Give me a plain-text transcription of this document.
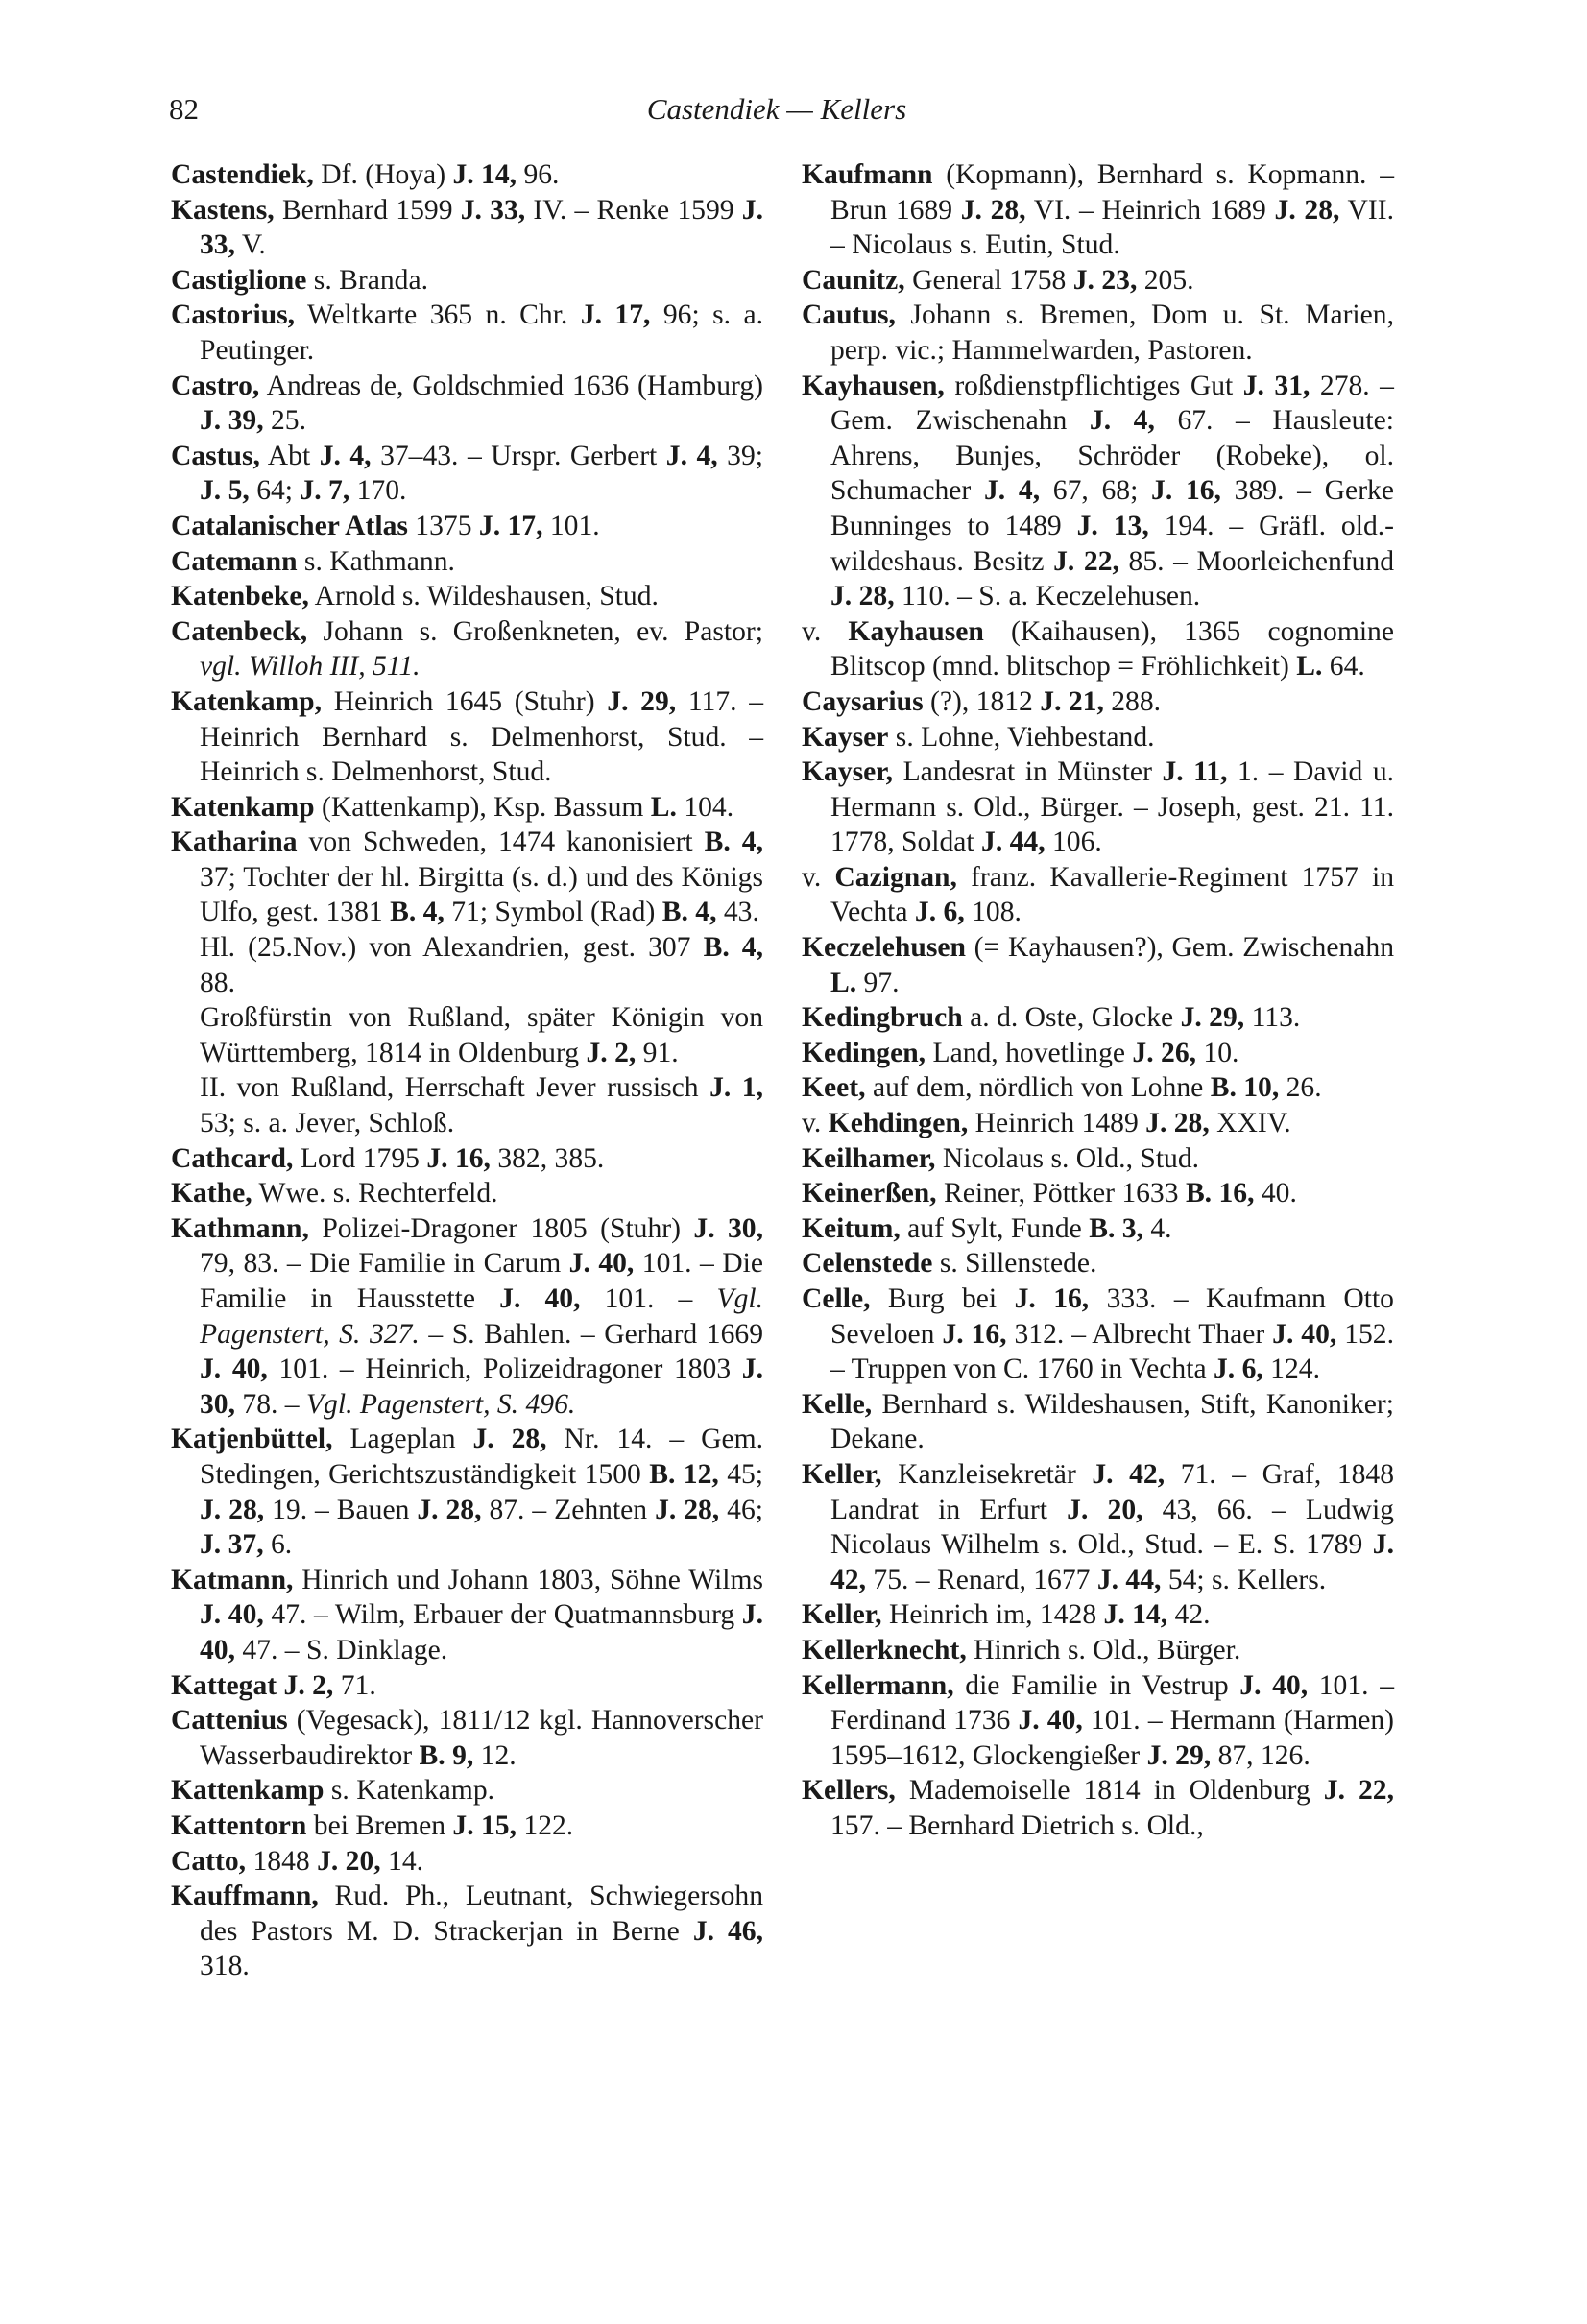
82	Castendiek — Kellers

Castendiek, Df. (Hoya) J. 14, 96.

Kastens, Bernhard 1599 J. 33, IV. – Renke 1599 J. 33, V.

Castiglione s. Branda.

Castorius, Weltkarte 365 n. Chr. J. 17, 96; s. a. Peutinger.

Castro, Andreas de, Goldschmied 1636 (Hamburg) J. 39, 25.

Castus, Abt J. 4, 37–43. – Urspr. Gerbert J. 4, 39; J. 5, 64; J. 7, 170.

Catalanischer Atlas 1375 J. 17, 101.

Catemann s. Kathmann.

Katenbeke, Arnold s. Wildeshausen, Stud.

Catenbeck, Johann s. Großenkneten, ev. Pastor; vgl. Willoh III, 511.

Katenkamp, Heinrich 1645 (Stuhr) J. 29, 117. – Heinrich Bernhard s. Delmenhorst, Stud. – Heinrich s. Delmenhorst, Stud.

Katenkamp (Kattenkamp), Ksp. Bassum L. 104.

Katharina von Schweden, 1474 kanonisiert B. 4, 37; Tochter der hl. Birgitta (s. d.) und des Königs Ulfo, gest. 1381 B. 4, 71; Symbol (Rad) B. 4, 43.

Hl. (25.Nov.) von Alexandrien, gest. 307 B. 4, 88.

Großfürstin von Rußland, später Königin von Württemberg, 1814 in Oldenburg J. 2, 91.

II. von Rußland, Herrschaft Jever russisch J. 1, 53; s. a. Jever, Schloß.

Cathcard, Lord 1795 J. 16, 382, 385.

Kathe, Wwe. s. Rechterfeld.

Kathmann, Polizei-Dragoner 1805 (Stuhr) J. 30, 79, 83. – Die Familie in Carum J. 40, 101. – Die Familie in Hausstette J. 40, 101. – Vgl. Pagenstert, S. 327. – S. Bahlen. – Gerhard 1669 J. 40, 101. – Heinrich, Polizeidragoner 1803 J. 30, 78. – Vgl. Pagenstert, S. 496.

Katjenbüttel, Lageplan J. 28, Nr. 14. – Gem. Stedingen, Gerichtszuständigkeit 1500 B. 12, 45; J. 28, 19. – Bauen J. 28, 87. – Zehnten J. 28, 46; J. 37, 6.

Katmann, Hinrich und Johann 1803, Söhne Wilms J. 40, 47. – Wilm, Erbauer der Quatmannsburg J. 40, 47. – S. Dinklage.

Kattegat J. 2, 71.

Cattenius (Vegesack), 1811/12 kgl. Hannoverscher Wasserbaudirektor B. 9, 12.

Kattenkamp s. Katenkamp.

Kattentorn bei Bremen J. 15, 122.

Catto, 1848 J. 20, 14.

Kauffmann, Rud. Ph., Leutnant, Schwiegersohn des Pastors M. D. Strackerjan in Berne J. 46, 318.

Kaufmann (Kopmann), Bernhard s. Kopmann. – Brun 1689 J. 28, VI. – Heinrich 1689 J. 28, VII. – Nicolaus s. Eutin, Stud.

Caunitz, General 1758 J. 23, 205.

Cautus, Johann s. Bremen, Dom u. St. Marien, perp. vic.; Hammelwarden, Pastoren.

Kayhausen, roßdienstpflichtiges Gut J. 31, 278. – Gem. Zwischenahn J. 4, 67. – Hausleute: Ahrens, Bunjes, Schröder (Robeke), ol. Schumacher J. 4, 67, 68; J. 16, 389. – Gerke Bunninges to 1489 J. 13, 194. – Gräfl. old.-wildeshaus. Besitz J. 22, 85. – Moorleichenfund J. 28, 110. – S. a. Keczelehusen.

v. Kayhausen (Kaihausen), 1365 cognomine Blitscop (mnd. blitschop = Fröhlichkeit) L. 64.

Caysarius (?), 1812 J. 21, 288.

Kayser s. Lohne, Viehbestand.

Kayser, Landesrat in Münster J. 11, 1. – David u. Hermann s. Old., Bürger. – Joseph, gest. 21. 11. 1778, Soldat J. 44, 106.

v. Cazignan, franz. Kavallerie-Regiment 1757 in Vechta J. 6, 108.

Keczelehusen (= Kayhausen?), Gem. Zwischenahn L. 97.

Kedingbruch a. d. Oste, Glocke J. 29, 113.

Kedingen, Land, hovetlinge J. 26, 10.

Keet, auf dem, nördlich von Lohne B. 10, 26.

v. Kehdingen, Heinrich 1489 J. 28, XXIV.

Keilhamer, Nicolaus s. Old., Stud.

Keinerßen, Reiner, Pöttker 1633 B. 16, 40.

Keitum, auf Sylt, Funde B. 3, 4.

Celenstede s. Sillenstede.

Celle, Burg bei J. 16, 333. – Kaufmann Otto Seveloen J. 16, 312. – Albrecht Thaer J. 40, 152. – Truppen von C. 1760 in Vechta J. 6, 124.

Kelle, Bernhard s. Wildeshausen, Stift, Kanoniker; Dekane.

Keller, Kanzleisekretär J. 42, 71. – Graf, 1848 Landrat in Erfurt J. 20, 43, 66. – Ludwig Nicolaus Wilhelm s. Old., Stud. – E. S. 1789 J. 42, 75. – Renard, 1677 J. 44, 54; s. Kellers.

Keller, Heinrich im, 1428 J. 14, 42.

Kellerknecht, Hinrich s. Old., Bürger.

Kellermann, die Familie in Vestrup J. 40, 101. – Ferdinand 1736 J. 40, 101. – Hermann (Harmen) 1595–1612, Glockengießer J. 29, 87, 126.

Kellers, Mademoiselle 1814 in Oldenburg J. 22, 157. – Bernhard Dietrich s. Old.,
